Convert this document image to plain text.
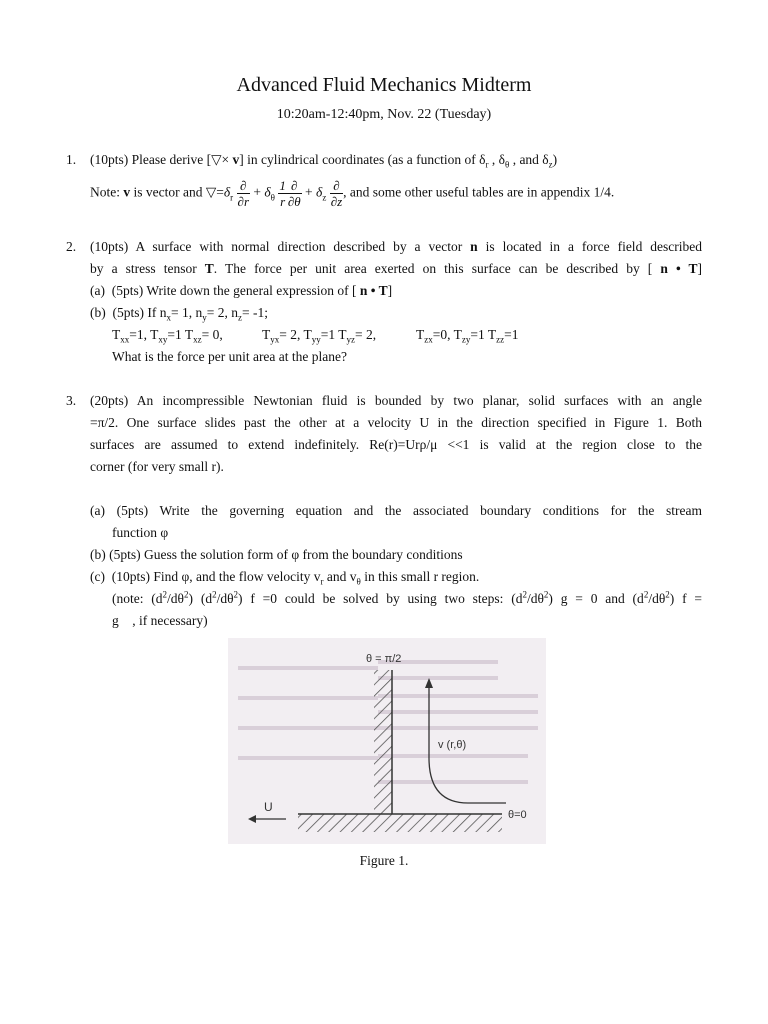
Advanced Fluid Mechanics Midterm
10:20am-12:40pm, Nov. 22 (Tuesday)
1. (10pts) Please derive [▽× v] in cylindrical coordinates (as a function of $\delta_r$ , $\delta_\theta$ , and $\delta_z$)
Note: v is vector and $▽=\delta_r \frac{\partial}{\partial r} + \delta_\theta \frac{1}{r} \frac{\partial}{\partial\theta} + \delta_z \frac{\partial}{\partial z}$ , and some other useful tables are in appendix 1/4.
2. (10pts) A surface with normal direction described by a vector n is located in a force field described
by a stress tensor T. The force per unit area exerted on this surface can be described by [ n • T]
(a)  (5pts) Write down the general expression of [ n • T]
(b)  (5pts) If $n_x= 1$, $n_y= 2$, $n_z= -1$;
$T_{xx}=1$, $T_{xy}=1$ $T_{xz}= 0$,	$T_{yx}= 2$, $T_{yy}=1$ $T_{yz}= 2$,	$T_{zx}=0$, $T_{zy}=1$ $T_{zz}=1$
What is the force per unit area at the plane?
3. (20pts) An incompressible Newtonian fluid is bounded by two planar, solid surfaces with an angle
=π/2. One surface slides past the other at a velocity U in the direction specified in Figure 1. Both
surfaces are assumed to extend indefinitely. Re(r)=Urρ/μ <<1 is valid at the region close to the
corner (for very small r).
(a) (5pts) Write the governing equation and the associated boundary conditions for the stream
function φ
(b) (5pts) Guess the solution form of φ from the boundary conditions
(c)  (10pts) Find φ, and the flow velocity $v_r$ and $v_\theta$ in this small r region.
(note: $(d^2/d\theta^2)$ $(d^2/d\theta^2)$ f =0 could be solved by using two steps: $(d^2/d\theta^2) g = 0$ and $(d^2/d\theta^2) f$ =
g    , if necessary)
θ = π/2
v (r,θ)
U
θ=0
Figure 1.
